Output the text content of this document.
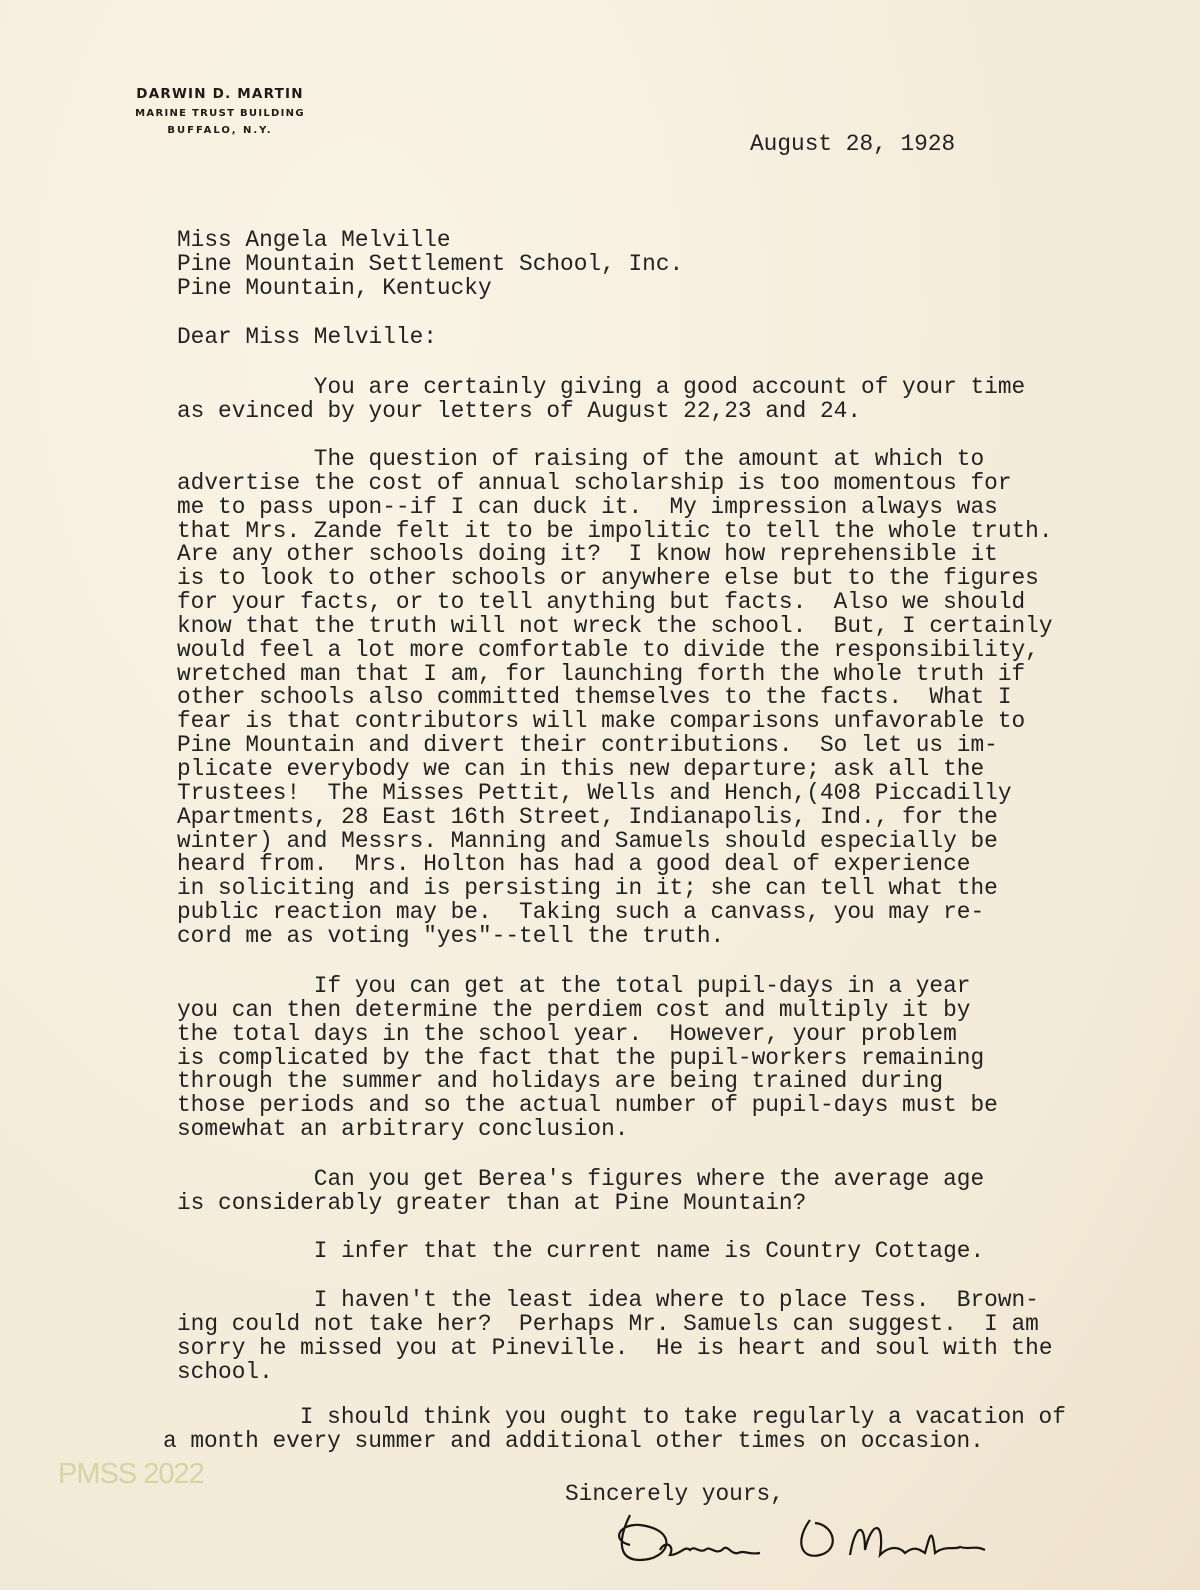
DARWIN D. MARTIN
MARINE TRUST BUILDING
BUFFALO, N.Y.
August 28, 1928
Miss Angela Melville
Pine Mountain Settlement School, Inc.
Pine Mountain, Kentucky
Dear Miss Melville:
You are certainly giving a good account of your time
as evinced by your letters of August 22,23 and 24.
The question of raising of the amount at which to
advertise the cost of annual scholarship is too momentous for
me to pass upon--if I can duck it.  My impression always was
that Mrs. Zande felt it to be impolitic to tell the whole truth.
Are any other schools doing it?  I know how reprehensible it
is to look to other schools or anywhere else but to the figures
for your facts, or to tell anything but facts.  Also we should
know that the truth will not wreck the school.  But, I certainly
would feel a lot more comfortable to divide the responsibility,
wretched man that I am, for launching forth the whole truth if
other schools also committed themselves to the facts.  What I
fear is that contributors will make comparisons unfavorable to
Pine Mountain and divert their contributions.  So let us im-
plicate everybody we can in this new departure; ask all the
Trustees!  The Misses Pettit, Wells and Hench,(408 Piccadilly
Apartments, 28 East 16th Street, Indianapolis, Ind., for the
winter) and Messrs. Manning and Samuels should especially be
heard from.  Mrs. Holton has had a good deal of experience
in soliciting and is persisting in it; she can tell what the
public reaction may be.  Taking such a canvass, you may re-
cord me as voting "yes"--tell the truth.
If you can get at the total pupil-days in a year
you can then determine the perdiem cost and multiply it by
the total days in the school year.  However, your problem
is complicated by the fact that the pupil-workers remaining
through the summer and holidays are being trained during
those periods and so the actual number of pupil-days must be
somewhat an arbitrary conclusion.
Can you get Berea's figures where the average age
is considerably greater than at Pine Mountain?
I infer that the current name is Country Cottage.
I haven't the least idea where to place Tess.  Brown-
ing could not take her?  Perhaps Mr. Samuels can suggest.  I am
sorry he missed you at Pineville.  He is heart and soul with the
school.
I should think you ought to take regularly a vacation of
a month every summer and additional other times on occasion.
Sincerely yours,
PMSS 2022
